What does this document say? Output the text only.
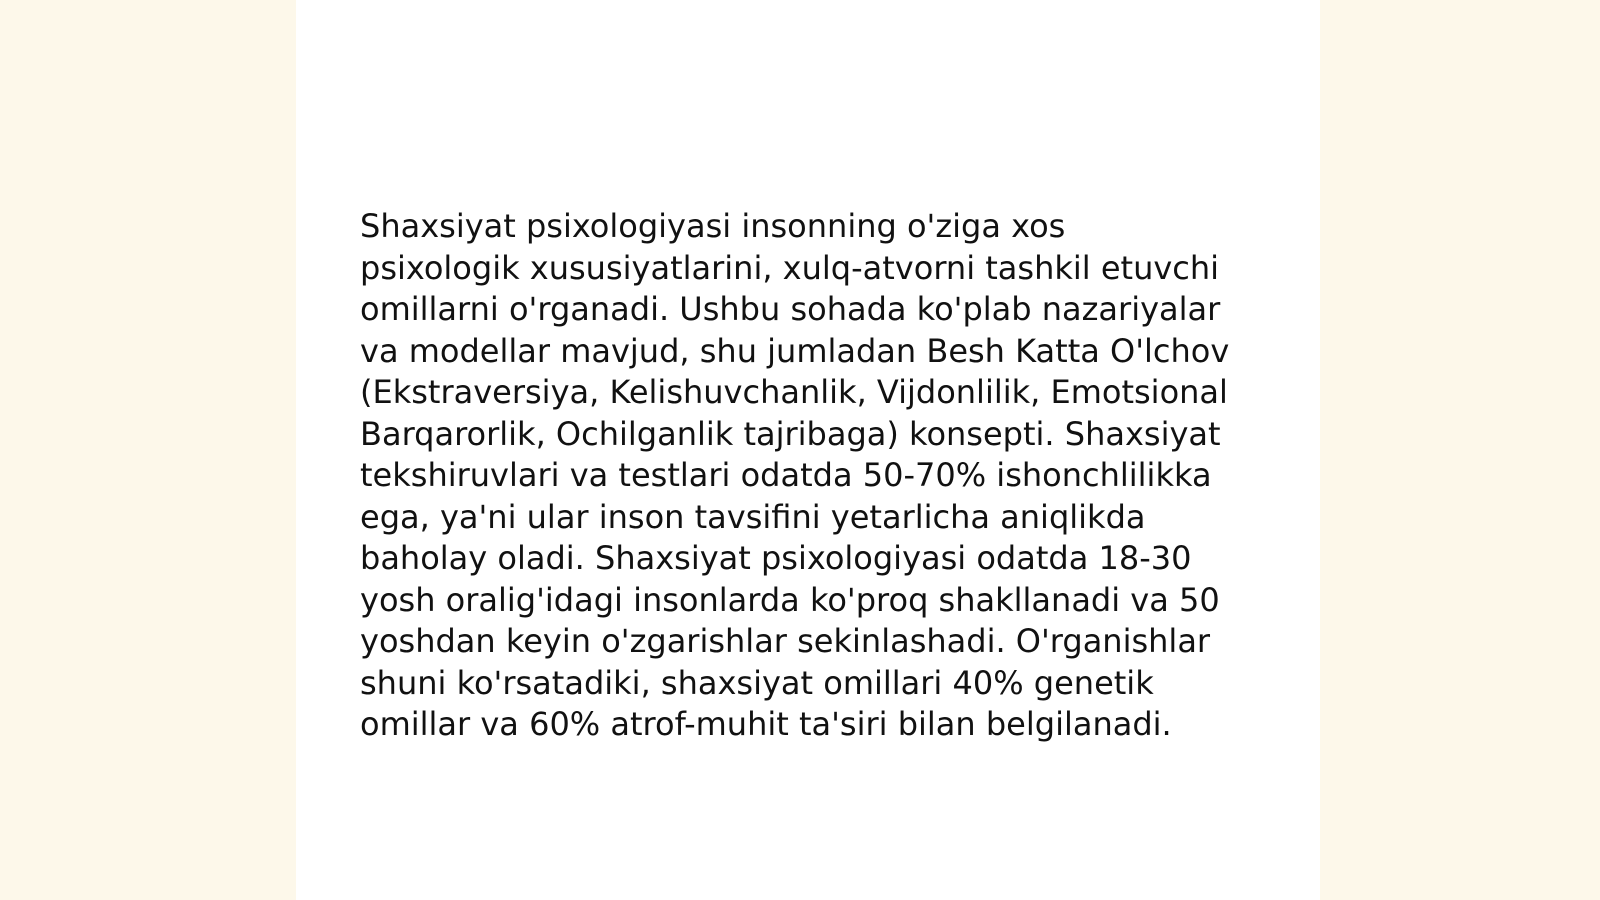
Shaxsiyat psixologiyasi insonning o'ziga xos
psixologik xususiyatlarini, xulq-atvorni tashkil etuvchi
omillarni o'rganadi. Ushbu sohada ko'plab nazariyalar
va modellar mavjud, shu jumladan Besh Katta O'lchov
(Ekstraversiya, Kelishuvchanlik, Vijdonlilik, Emotsional
Barqarorlik, Ochilganlik tajribaga) konsepti. Shaxsiyat
tekshiruvlari va testlari odatda 50-70% ishonchlilikka
ega, ya'ni ular inson tavsifini yetarlicha aniqlikda
baholay oladi. Shaxsiyat psixologiyasi odatda 18-30
yosh oralig'idagi insonlarda ko'proq shakllanadi va 50
yoshdan keyin o'zgarishlar sekinlashadi. O'rganishlar
shuni ko'rsatadiki, shaxsiyat omillari 40% genetik
omillar va 60% atrof-muhit ta'siri bilan belgilanadi.
